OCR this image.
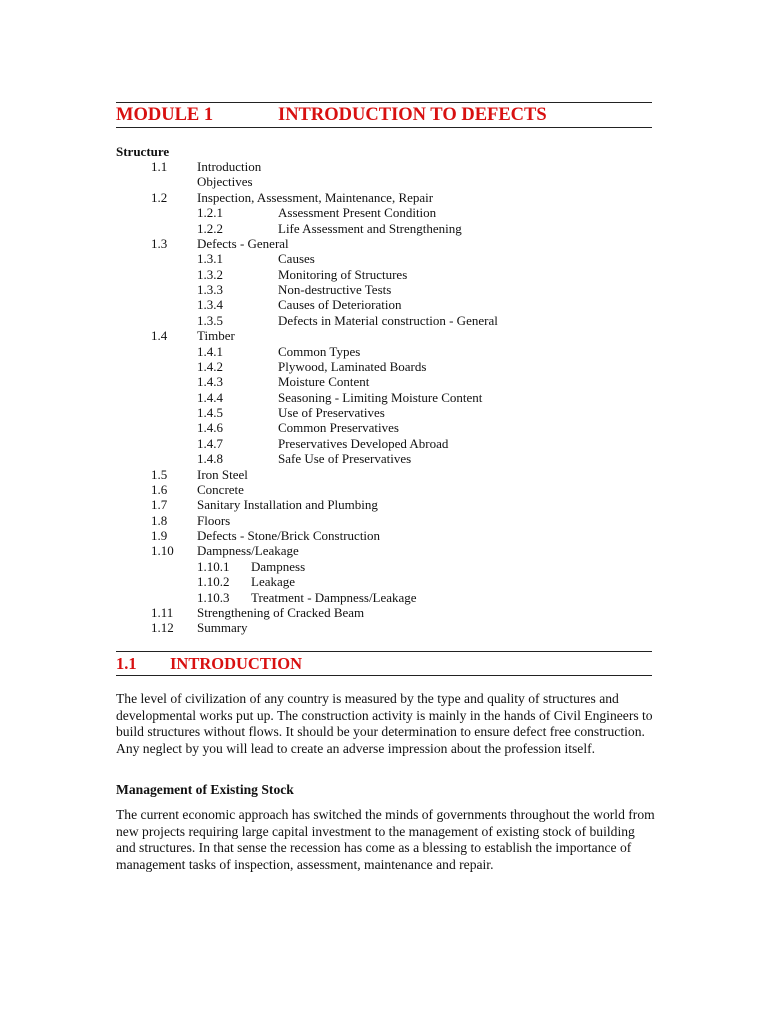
MODULE 1	INTRODUCTION TO DEFECTS
Structure
1.1 Introduction
Objectives
1.2 Inspection, Assessment, Maintenance, Repair
1.2.1	Assessment Present Condition
1.2.2	Life Assessment and Strengthening
1.3 Defects - General
1.3.1	Causes
1.3.2	Monitoring of Structures
1.3.3	Non-destructive Tests
1.3.4	Causes of Deterioration
1.3.5	Defects in Material construction - General
1.4 Timber
1.4.1	Common Types
1.4.2	Plywood, Laminated Boards
1.4.3	Moisture Content
1.4.4	Seasoning - Limiting Moisture Content
1.4.5	Use of Preservatives
1.4.6	Common Preservatives
1.4.7	Preservatives Developed Abroad
1.4.8	Safe Use of Preservatives
1.5 Iron Steel
1.6 Concrete
1.7 Sanitary Installation and Plumbing
1.8 Floors
1.9 Defects - Stone/Brick Construction
1.10 Dampness/Leakage
1.10.1 Dampness
1.10.2 Leakage
1.10.3 Treatment - Dampness/Leakage
1.11 Strengthening of Cracked Beam
1.12 Summary
1.1 INTRODUCTION
The level of civilization of any country is measured by the type and quality of structures and developmental works put up. The construction activity is mainly in the hands of Civil Engineers to build structures without flows. It should be your determination to ensure defect free construction. Any neglect by you will lead to create an adverse impression about the profession itself.
Management of Existing Stock
The current economic approach has switched the minds of governments throughout the world from new projects requiring large capital investment to the management of existing stock of building and structures. In that sense the recession has come as a blessing to establish the importance of management tasks of inspection, assessment, maintenance and repair.
